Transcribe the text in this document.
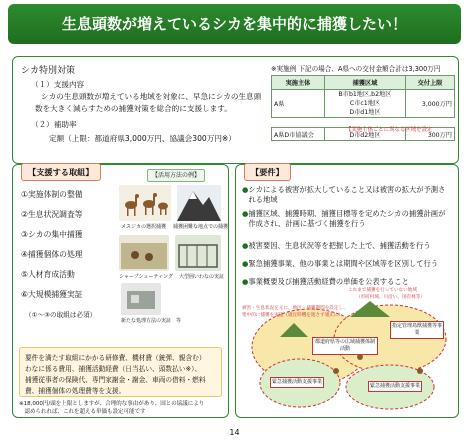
生息頭数が増えているシカを集中的に捕獲したい！
シカ特別対策
（１）支援内容
シカの生息頭数が増えている地域を対象に、早急にシカの生息頭
数を大きく減らすための捕獲対策を総合的に支援します。
（２）補助率
定額（上限：都道府県3,000万円、協議会300万円※）
※実施例 下記の場合、A県への交付金額合計は3,300万円
実施主体	捕獲区域	交付上限
A県	B市b1地区,b2地区
C市c1地区
D市d1地区	3,000万円

A県D市協議会	D市d2地区	300万円
【実施主体ごとに異なる区域を設定
【支援する取組】	【活用方法の例】
①実施体制の整備
②生息状況調査等
③シカの集中捕獲
④捕獲個体の処理
⑤人材育成活動
⑥大規模捕獲実証
（①～③の取組は必須）
メスジカの選択捕獲 捕獲困難な地点での捕獲
シャープシューティング 大型囲いわなの実証
新たな処理方法の実証　等
要件を満たす取組にかかる研修費、機材費（銃弾、親含む）
わなに係る費用、捕獲活動経費（日当払い、頭数払い※）、
捕獲従事者の保険代、専門家謝金・謝金、車両の借料・燃料
費、捕獲個体の処理費等を支援。
※18,000円/頭を上限としますが、合理的な事由があり、国との協議により
　認められれば、これを超える単価も設定可能です
【要件】
●シカによる被害が拡大していること又は被害の拡大が予測される地域
●捕獲区域、捕獲時期、捕獲目標等を定めたシカの捕獲計画が作成され、計画に基づく捕獲を行う
●被害要因、生息状況等を把握した上で、捕獲活動を行う
●緊急捕獲事業、他の事業とは期間や区域等を区別して行う
●事業概要及び捕獲活動経費の単価を公表すること
これまで捕獲を行っていない地域
（市町村域、川沿い、国有林等）
被害・生息状況を元に、地区・捕獲期間を設定し、
集中的に捕獲を実施（適宜時機を逸さず適正に）
都道府県等の広域捕獲体制活動
指定管理鳥獣捕獲等事業
緊急捕獲活動支援事業
緊急捕獲活動支援事業
14
